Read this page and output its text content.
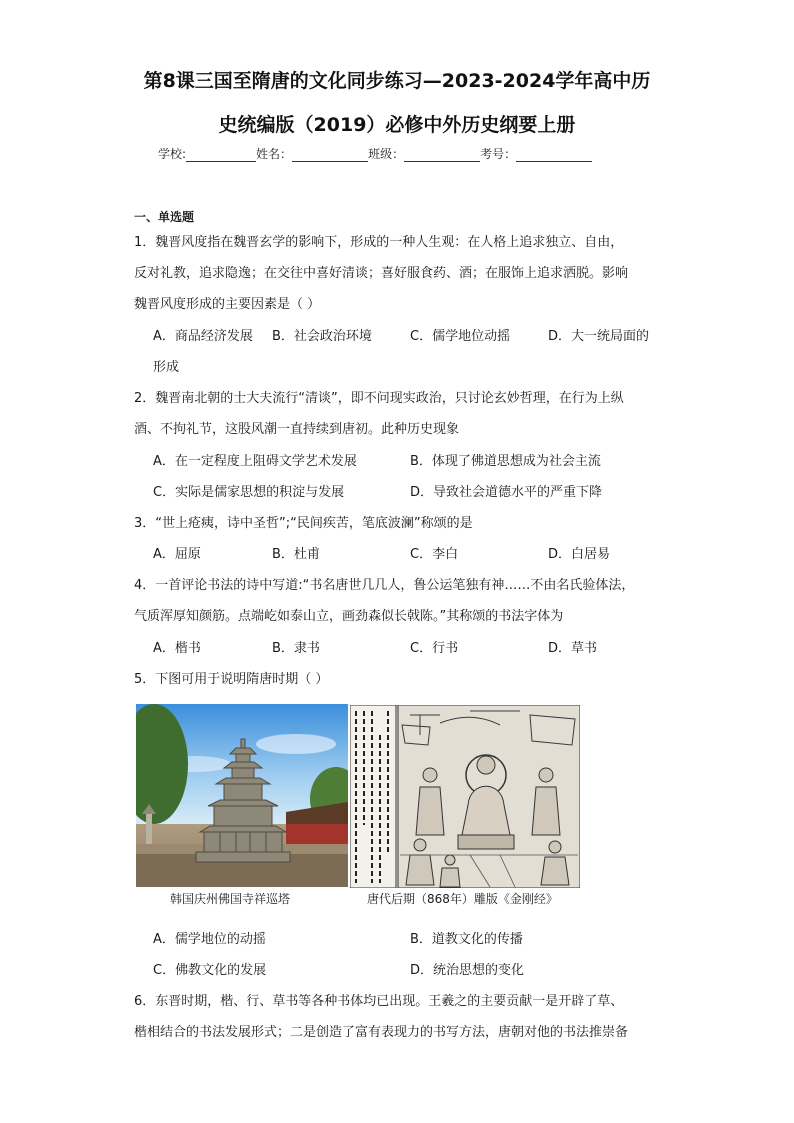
第8课三国至隋唐的文化同步练习—2023-2024学年高中历
史统编版（2019）必修中外历史纲要上册
学校:	姓名：	班级：	考号：
一、单选题
1．魏晋风度指在魏晋玄学的影响下，形成的一种人生观：在人格上追求独立、自由，
反对礼教，追求隐逸；在交往中喜好清谈；喜好服食药、酒；在服饰上追求洒脱。影响
魏晋风度形成的主要因素是（ ）
A．商品经济发展 B．社会政治环境	C．儒学地位动摇	D．大一统局面的
形成
2．魏晋南北朝的士大夫流行“清谈”，即不问现实政治，只讨论玄妙哲理，在行为上纵
酒、不拘礼节，这股风潮一直持续到唐初。此种历史现象
A．在一定程度上阻碍文学艺术发展	B．体现了佛道思想成为社会主流
C．实际是儒家思想的积淀与发展	D．导致社会道德水平的严重下降
3．“世上疮痍，诗中圣哲”;“民间疾苦，笔底波澜”称颂的是
A．屈原	B．杜甫	C．李白	D．白居易
4．一首评论书法的诗中写道:“书名唐世几几人，鲁公运笔独有神……不由名氏验体法，
气质浑厚知颜筋。点端屹如泰山立，画劲森似长戟陈。”其称颂的书法字体为
A．楷书	B．隶书	C．行书	D．草书
5．下图可用于说明隋唐时期（ ）
韩国庆州佛国寺祥巡塔	唐代后期（868年）雕版《金刚经》
A．儒学地位的动摇	B．道教文化的传播
C．佛教文化的发展	D．统治思想的变化
6．东晋时期，楷、行、草书等各种书体均已出现。王羲之的主要贡献一是开辟了草、
楷相结合的书法发展形式；二是创造了富有表现力的书写方法，唐朝对他的书法推崇备
